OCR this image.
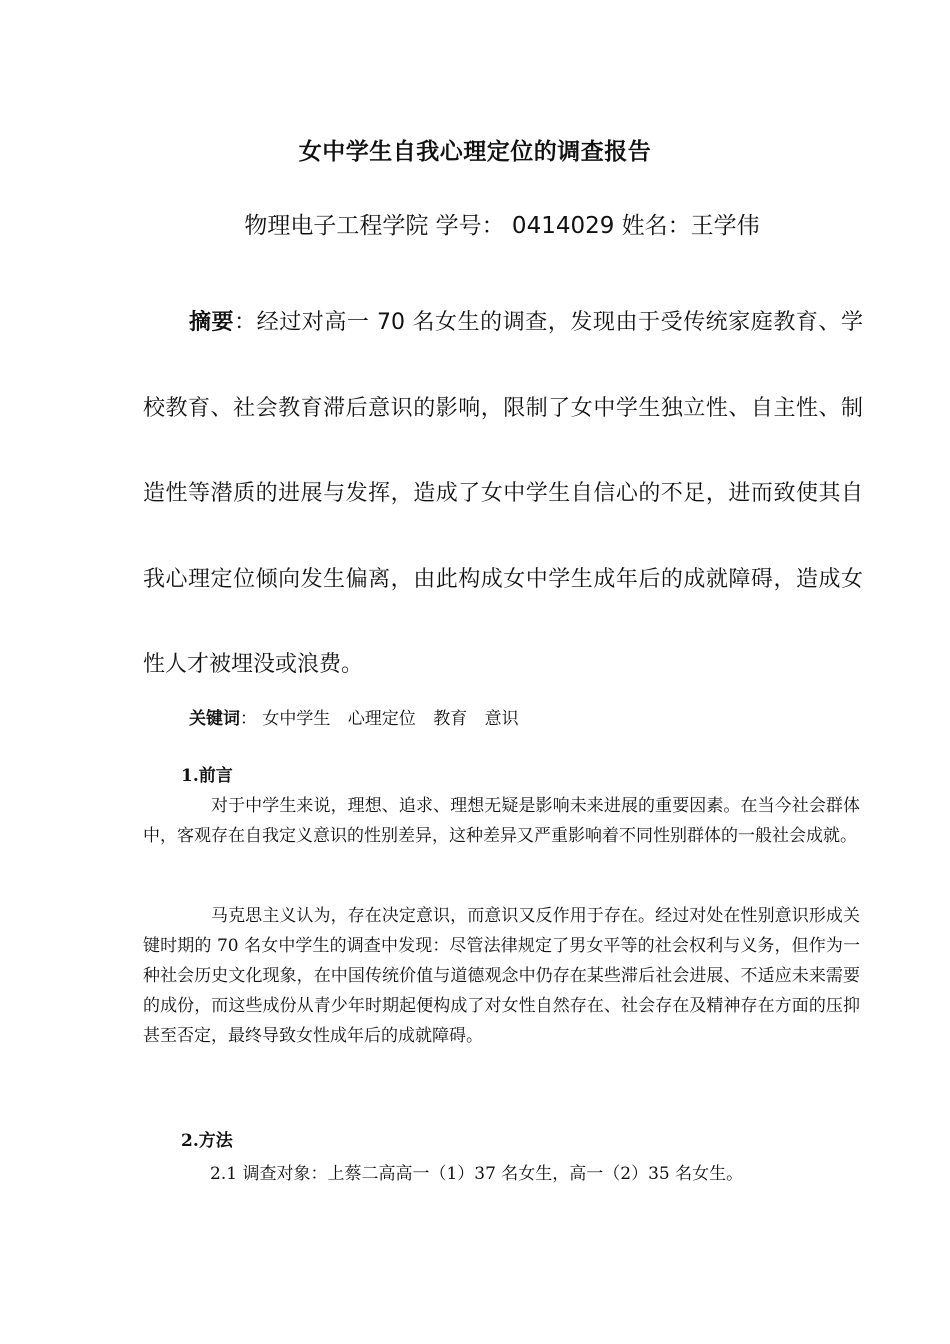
女中学生自我心理定位的调查报告
物理电子工程学院 学号： 0414029 姓名：王学伟

摘要：经过对高一 70 名女生的调查，发现由于受传统家庭教育、学校教育、社会教育滞后意识的影响，限制了女中学生独立性、自主性、制造性等潜质的进展与发挥，造成了女中学生自信心的不足，进而致使其自我心理定位倾向发生偏离，由此构成女中学生成年后的成就障碍，造成女性人才被埋没或浪费。

关键词： 女中学生 心理定位 教育 意识
1.前言

对于中学生来说，理想、追求、理想无疑是影响未来进展的重要因素。在当今社会群体中，客观存在自我定义意识的性别差异，这种差异又严重影响着不同性别群体的一般社会成就。

马克思主义认为，存在决定意识，而意识又反作用于存在。经过对处在性别意识形成关键时期的 70 名女中学生的调查中发现：尽管法律规定了男女平等的社会权利与义务，但作为一种社会历史文化现象，在中国传统价值与道德观念中仍存在某些滞后社会进展、不适应未来需要的成份，而这些成份从青少年时期起便构成了对女性自然存在、社会存在及精神存在方面的压抑甚至否定，最终导致女性成年后的成就障碍。

2.方法
2.1 调查对象：上蔡二高高一（1）37 名女生，高一（2）35 名女生。
